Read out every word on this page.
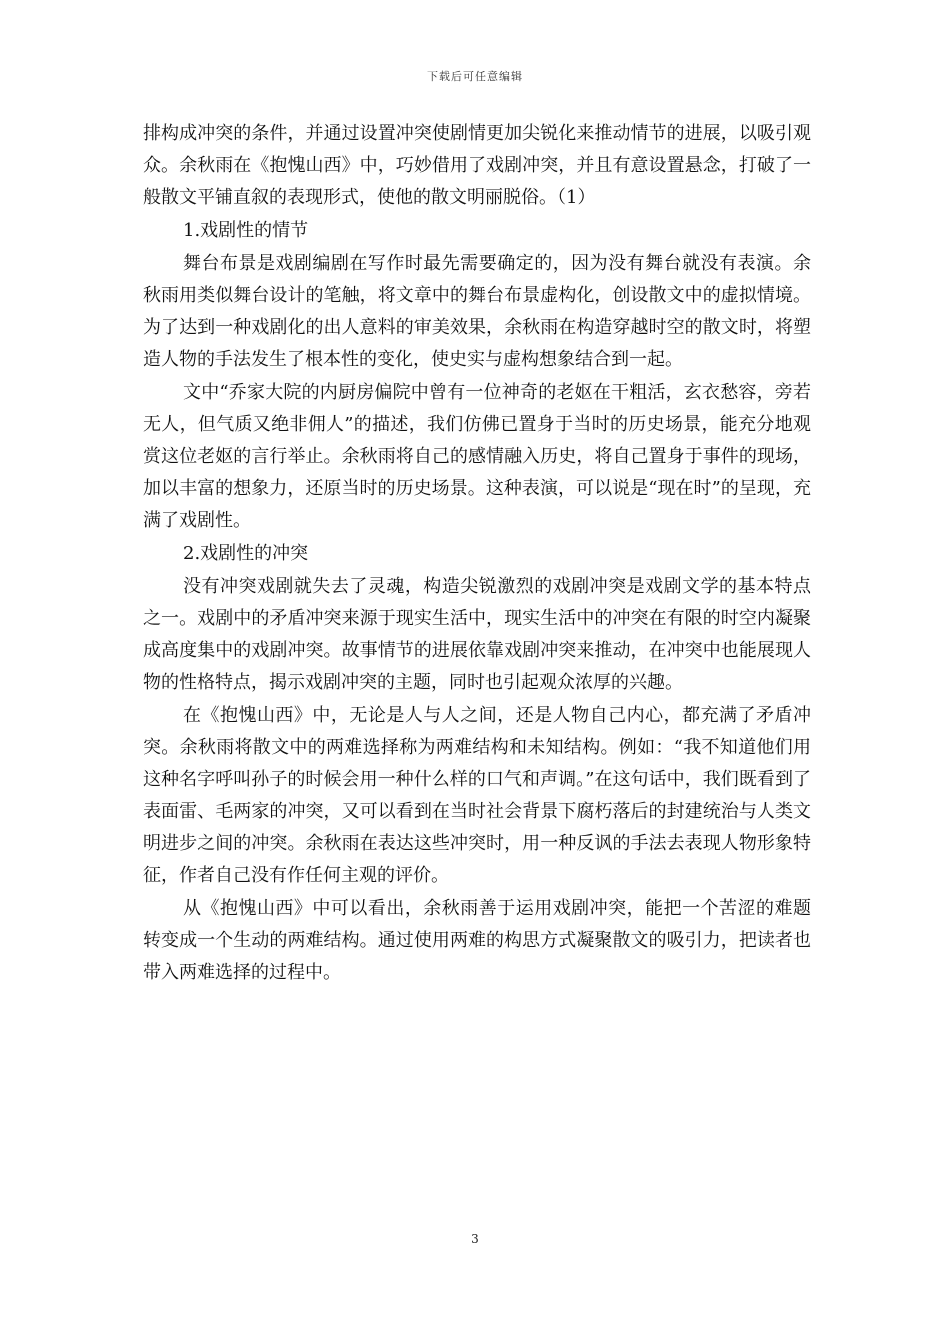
下载后可任意编辑

排构成冲突的条件，并通过设置冲突使剧情更加尖锐化来推动情节的进展，以吸引观众。余秋雨在《抱愧山西》中，巧妙借用了戏剧冲突，并且有意设置悬念，打破了一般散文平铺直叙的表现形式，使他的散文明丽脱俗。（1）

1.戏剧性的情节

舞台布景是戏剧编剧在写作时最先需要确定的，因为没有舞台就没有表演。余秋雨用类似舞台设计的笔触，将文章中的舞台布景虚构化，创设散文中的虚拟情境。为了达到一种戏剧化的出人意料的审美效果，余秋雨在构造穿越时空的散文时，将塑造人物的手法发生了根本性的变化，使史实与虚构想象结合到一起。

文中“乔家大院的内厨房偏院中曾有一位神奇的老妪在干粗活，玄衣愁容，旁若无人，但气质又绝非佣人”的描述，我们仿佛已置身于当时的历史场景，能充分地观赏这位老妪的言行举止。余秋雨将自己的感情融入历史，将自己置身于事件的现场，加以丰富的想象力，还原当时的历史场景。这种表演，可以说是“现在时”的呈现，充满了戏剧性。

2.戏剧性的冲突

没有冲突戏剧就失去了灵魂，构造尖锐激烈的戏剧冲突是戏剧文学的基本特点之一。戏剧中的矛盾冲突来源于现实生活中，现实生活中的冲突在有限的时空内凝聚成高度集中的戏剧冲突。故事情节的进展依靠戏剧冲突来推动，在冲突中也能展现人物的性格特点，揭示戏剧冲突的主题，同时也引起观众浓厚的兴趣。

在《抱愧山西》中，无论是人与人之间，还是人物自己内心，都充满了矛盾冲突。余秋雨将散文中的两难选择称为两难结构和未知结构。例如：“我不知道他们用这种名字呼叫孙子的时候会用一种什么样的口气和声调。”在这句话中，我们既看到了表面雷、毛两家的冲突，又可以看到在当时社会背景下腐朽落后的封建统治与人类文明进步之间的冲突。余秋雨在表达这些冲突时，用一种反讽的手法去表现人物形象特征，作者自己没有作任何主观的评价。

从《抱愧山西》中可以看出，余秋雨善于运用戏剧冲突，能把一个苦涩的难题转变成一个生动的两难结构。通过使用两难的构思方式凝聚散文的吸引力，把读者也带入两难选择的过程中。

3
